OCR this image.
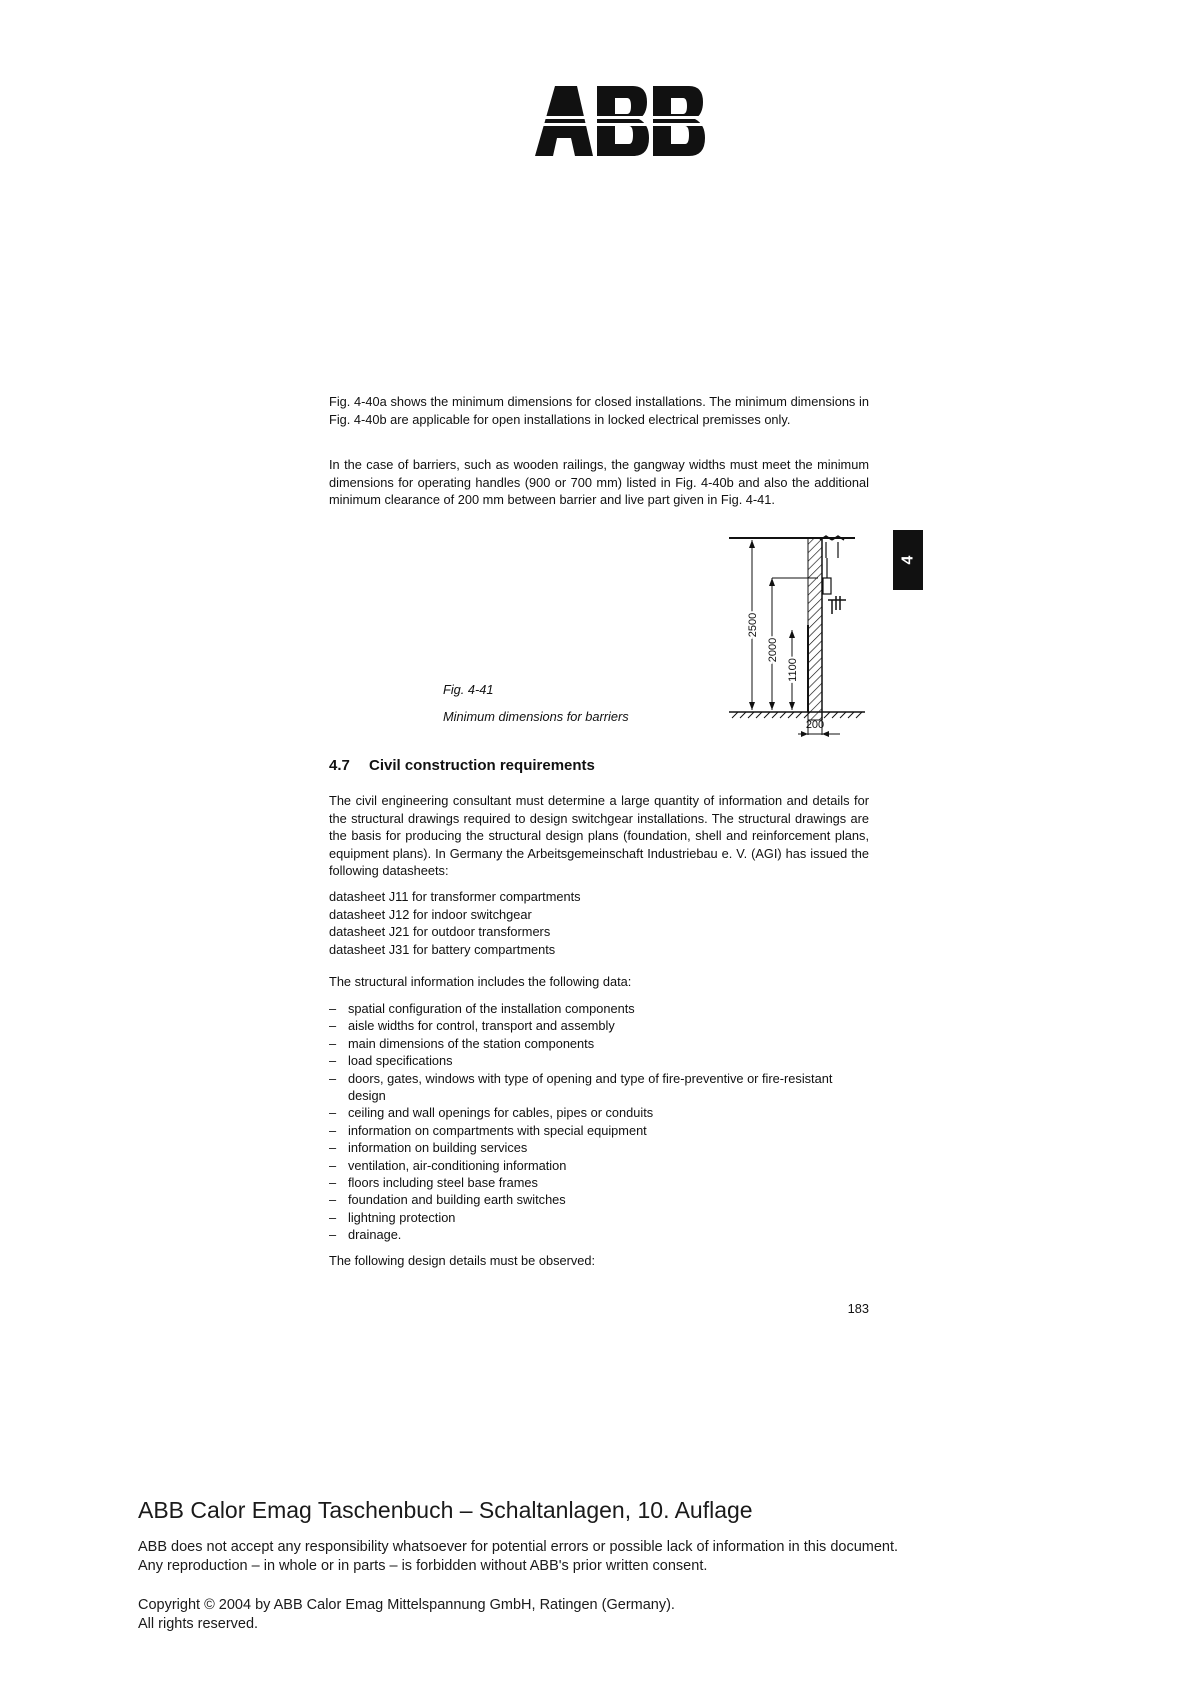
Fig. 4-40a shows the minimum dimensions for closed installations. The minimum dimensions in Fig. 4-40b are applicable for open installations in locked electrical premisses only.

In the case of barriers, such as wooden railings, the gangway widths must meet the minimum dimensions for operating handles (900 or 700 mm) listed in Fig. 4-40b and also the additional minimum clearance of 200 mm between barrier and live part given in Fig. 4-41.

4
2500
2000
1100
200
Fig. 4-41
Minimum dimensions for barriers
4.7 Civil construction requirements

The civil engineering consultant must determine a large quantity of information and details for the structural drawings required to design switchgear installations. The structural drawings are the basis for producing the structural design plans (foundation, shell and reinforcement plans, equipment plans). In Germany the Arbeitsgemeinschaft Industriebau e. V. (AGI) has issued the following datasheets:

datasheet J11 for transformer compartments
datasheet J12 for indoor switchgear
datasheet J21 for outdoor transformers
datasheet J31 for battery compartments

The structural information includes the following data:

– spatial configuration of the installation components
– aisle widths for control, transport and assembly
– main dimensions of the station components
– load specifications
– doors, gates, windows with type of opening and type of fire-preventive or fire-resistant design
– ceiling and wall openings for cables, pipes or conduits
– information on compartments with special equipment
– information on building services
– ventilation, air-conditioning information
– floors including steel base frames
– foundation and building earth switches
– lightning protection
– drainage.

The following design details must be observed:

183
ABB Calor Emag Taschenbuch – Schaltanlagen, 10. Auflage
ABB does not accept any responsibility whatsoever for potential errors or possible lack of information in this document.
Any reproduction – in whole or in parts – is forbidden without ABB's prior written consent.
Copyright © 2004 by ABB Calor Emag Mittelspannung GmbH, Ratingen (Germany).
All rights reserved.
